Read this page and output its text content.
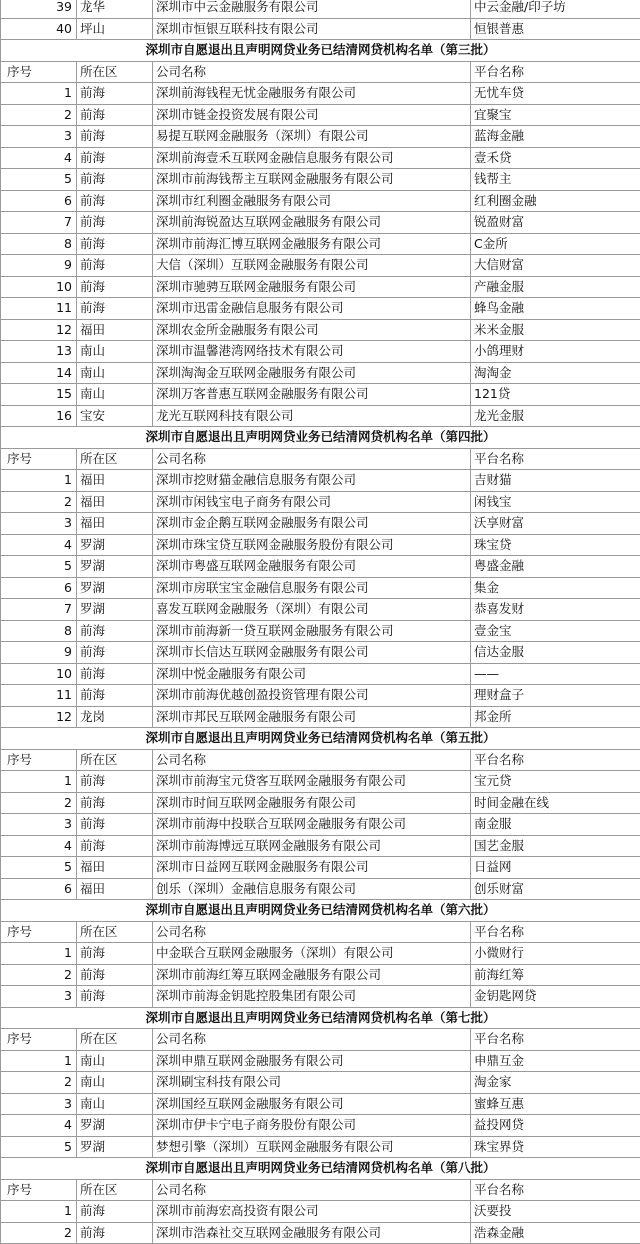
39	龙华	深圳市中云金融服务有限公司	中云金融/印子坊
40	坪山	深圳市恒银互联科技有限公司	恒银普惠
深圳市自愿退出且声明网贷业务已结清网贷机构名单（第三批）			
序号	所在区	公司名称	平台名称
1	前海	深圳前海钱程无忧金融服务有限公司	无忧车贷
2	前海	深圳市链金投资发展有限公司	宜聚宝
3	前海	易提互联网金融服务（深圳）有限公司	蓝海金融
4	前海	深圳前海壹禾互联网金融信息服务有限公司	壹禾贷
5	前海	深圳市前海钱帮主互联网金融服务有限公司	钱帮主
6	前海	深圳市红利圈金融服务有限公司	红利圈金融
7	前海	深圳前海锐盈达互联网金融服务有限公司	锐盈财富
8	前海	深圳市前海汇博互联网金融服务有限公司	C金所
9	前海	大信（深圳）互联网金融服务有限公司	大信财富
10	前海	深圳市驰骋互联网金融服务有限公司	产融金服
11	前海	深圳市迅雷金融信息服务有限公司	蜂鸟金融
12	福田	深圳农金所金融服务有限公司	米米金服
13	南山	深圳市温馨港湾网络技术有限公司	小鸽理财
14	南山	深圳淘淘金互联网金融服务有限公司	淘淘金
15	南山	深圳万客普惠互联网金融服务有限公司	121贷
16	宝安	龙光互联网科技有限公司	龙光金服
深圳市自愿退出且声明网贷业务已结清网贷机构名单（第四批）			
序号	所在区	公司名称	平台名称
1	福田	深圳市挖财猫金融信息服务有限公司	吉财猫
2	福田	深圳市闲钱宝电子商务有限公司	闲钱宝
3	福田	深圳市金企鹅互联网金融服务有限公司	沃享财富
4	罗湖	深圳市珠宝贷互联网金融服务股份有限公司	珠宝贷
5	罗湖	深圳市粤盛互联网金融服务有限公司	粤盛金融
6	罗湖	深圳市房联宝宝金融信息服务有限公司	集金
7	罗湖	喜发互联网金融服务（深圳）有限公司	恭喜发财
8	前海	深圳市前海新一贷互联网金融服务有限公司	壹金宝
9	前海	深圳市长信达互联网金融服务有限公司	信达金服
10	前海	深圳中悦金融服务有限公司	——
11	前海	深圳市前海优越创盈投资管理有限公司	理财盒子
12	龙岗	深圳市邦民互联网金融服务有限公司	邦金所
深圳市自愿退出且声明网贷业务已结清网贷机构名单（第五批）			
序号	所在区	公司名称	平台名称
1	前海	深圳市前海宝元贷客互联网金融服务有限公司	宝元贷
2	前海	深圳市时间互联网金融服务有限公司	时间金融在线
3	前海	深圳市前海中投联合互联网金融服务有限公司	南金服
4	前海	深圳市前海博远互联网金融服务有限公司	国艺金服
5	福田	深圳市日益网互联网金融服务有限公司	日益网
6	福田	创乐（深圳）金融信息服务有限公司	创乐财富
深圳市自愿退出且声明网贷业务已结清网贷机构名单（第六批）			
序号	所在区	公司名称	平台名称
1	前海	中金联合互联网金融服务（深圳）有限公司	小微财行
2	前海	深圳市前海红筹互联网金融服务有限公司	前海红筹
3	前海	深圳市前海金钥匙控股集团有限公司	金钥匙网贷
深圳市自愿退出且声明网贷业务已结清网贷机构名单（第七批）			
序号	所在区	公司名称	平台名称
1	南山	深圳申鼎互联网金融服务有限公司	申鼎互金
2	南山	深圳刷宝科技有限公司	淘金家
3	南山	深圳国经互联网金融服务有限公司	蜜蜂互惠
4	罗湖	深圳市伊卡宁电子商务股份有限公司	益投网贷
5	罗湖	梦想引擎（深圳）互联网金融服务有限公司	珠宝界贷
深圳市自愿退出且声明网贷业务已结清网贷机构名单（第八批）			
序号	所在区	公司名称	平台名称
1	前海	深圳市前海宏高投资有限公司	沃要投
2	前海	深圳市浩森社交互联网金融服务有限公司	浩森金融
